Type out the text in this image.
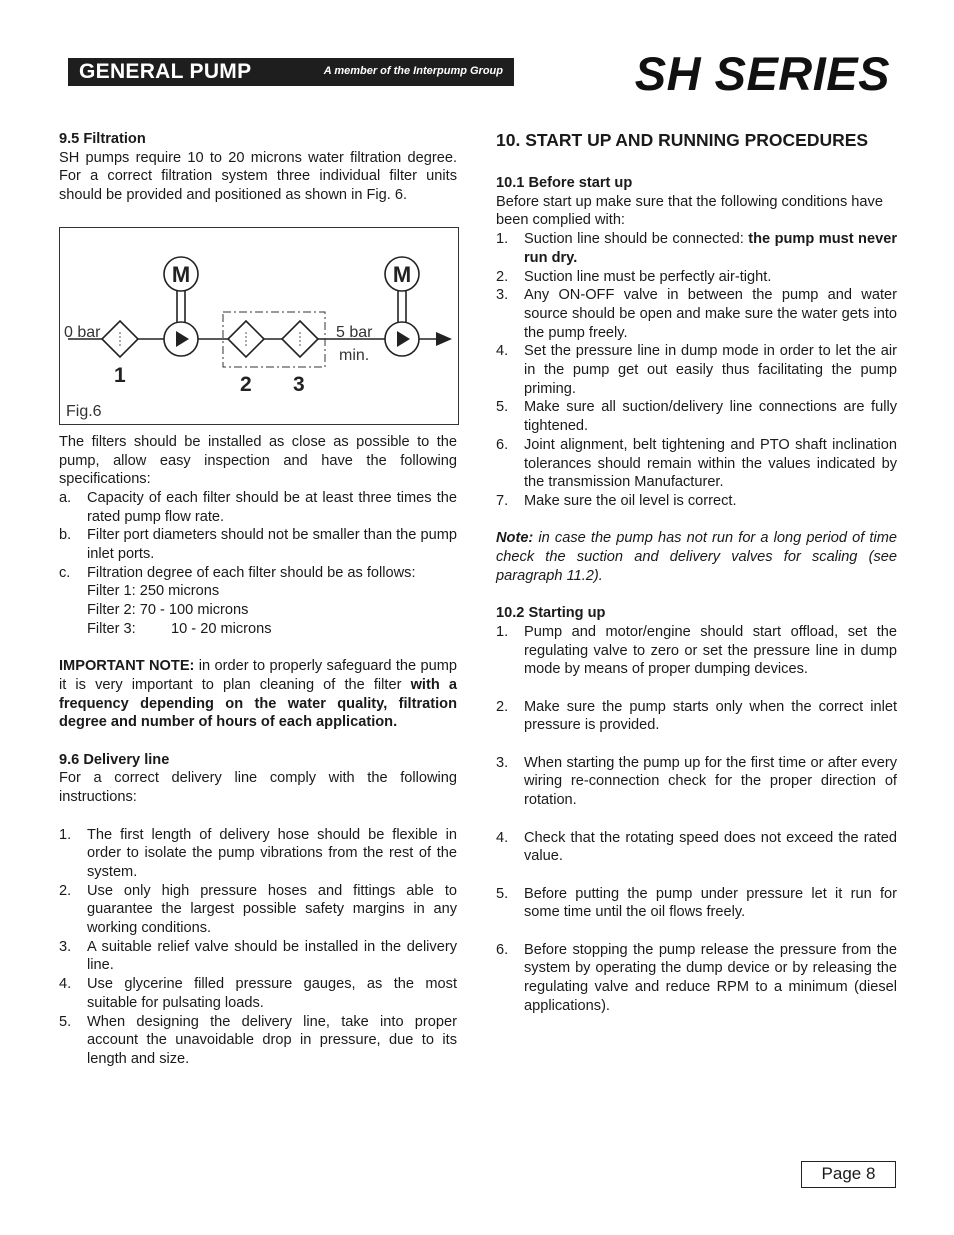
GENERAL PUMP	A member of the Interpump Group	SH SERIES
9.5 Filtration

SH pumps require 10 to 20 microns water filtration degree. For a correct filtration system three individual filter units should be provided and positioned as shown in Fig. 6.

M	M
0 bar	5 bar
min.
1	2 3
Fig.6

The filters should be installed as close as possible to the pump, allow easy inspection and have the following specifications:

a. Capacity of each filter should be at least three times the rated pump flow rate.
b. Filter port diameters should not be smaller than the pump inlet ports.
c. Filtration degree of each filter should be as follows:
Filter 1: 250 microns
Filter 2: 70 - 100 microns
Filter 3: 10 - 20 microns

IMPORTANT NOTE: in order to properly safeguard the pump it is very important to plan cleaning of the filter with a frequency depending on the water quality, filtration degree and number of hours of each application.

9.6 Delivery line

For a correct delivery line comply with the following instructions:

1. The first length of delivery hose should be flexible in order to isolate the pump vibrations from the rest of the system.
2. Use only high pressure hoses and fittings able to guarantee the largest possible safety margins in any working conditions.
3. A suitable relief valve should be installed in the delivery line.
4. Use glycerine filled pressure gauges, as the most suitable for pulsating loads.
5. When designing the delivery line, take into proper account the unavoidable drop in pressure, due to its length and size.
10. START UP AND RUNNING PROCEDURES
10.1 Before start up

Before start up make sure that the following conditions have been complied with:

1. Suction line should be connected: the pump must never run dry.
2. Suction line must be perfectly air-tight.
3. Any ON-OFF valve in between the pump and water source should be open and make sure the water gets into the pump freely.
4. Set the pressure line in dump mode in order to let the air in the pump get out easily thus facilitating the pump priming.
5. Make sure all suction/delivery line connections are fully tightened.
6. Joint alignment, belt tightening and PTO shaft inclination tolerances should remain within the values indicated by the transmission Manufacturer.
7. Make sure the oil level is correct.

Note: in case the pump has not run for a long period of time check the suction and delivery valves for scaling (see paragraph 11.2).

10.2 Starting up
1. Pump and motor/engine should start offload, set the regulating valve to zero or set the pressure line in dump mode by means of proper dumping devices.
2. Make sure the pump starts only when the correct inlet pressure is provided.
3. When starting the pump up for the first time or after every wiring re-connection check for the proper direction of rotation.
4. Check that the rotating speed does not exceed the rated value.
5. Before putting the pump under pressure let it run for some time until the oil flows freely.
6. Before stopping the pump release the pressure from the system by operating the dump device or by releasing the regulating valve and reduce RPM to a minimum (diesel applications).
Page 8
